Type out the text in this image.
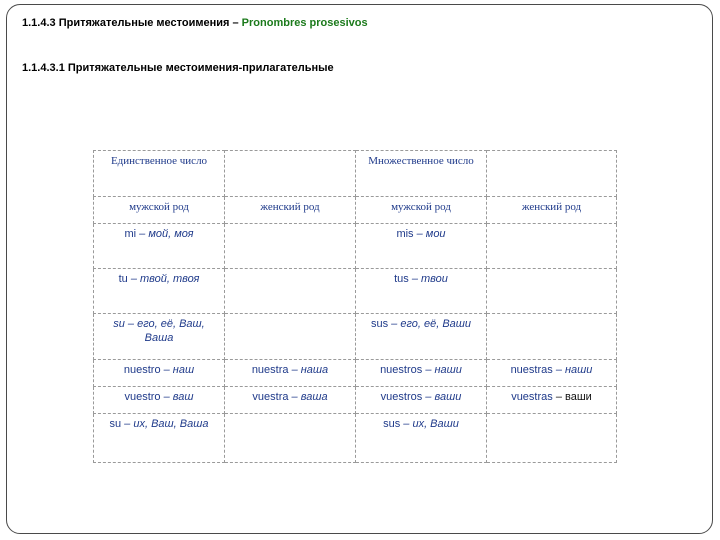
1.1.4.3 Притяжательные местоимения – Pronombres prosesivos
1.1.4.3.1 Притяжательные местоимения-прилагательные
Единственное число		Множественное число	
мужской род	женский род	мужской род	женский род
mi – мой, моя		mis – мои	
tu – твой, твоя		tus – твои	
su – его, её, Ваш,
Ваша		sus – его, её, Ваши	
nuestro – наш	nuestra – наша	nuestros – наши	nuestras – наши
vuestro – ваш	vuestra – ваша	vuestros – ваши	vuestras – ваши
su – их, Ваш, Ваша		sus – их, Ваши	
